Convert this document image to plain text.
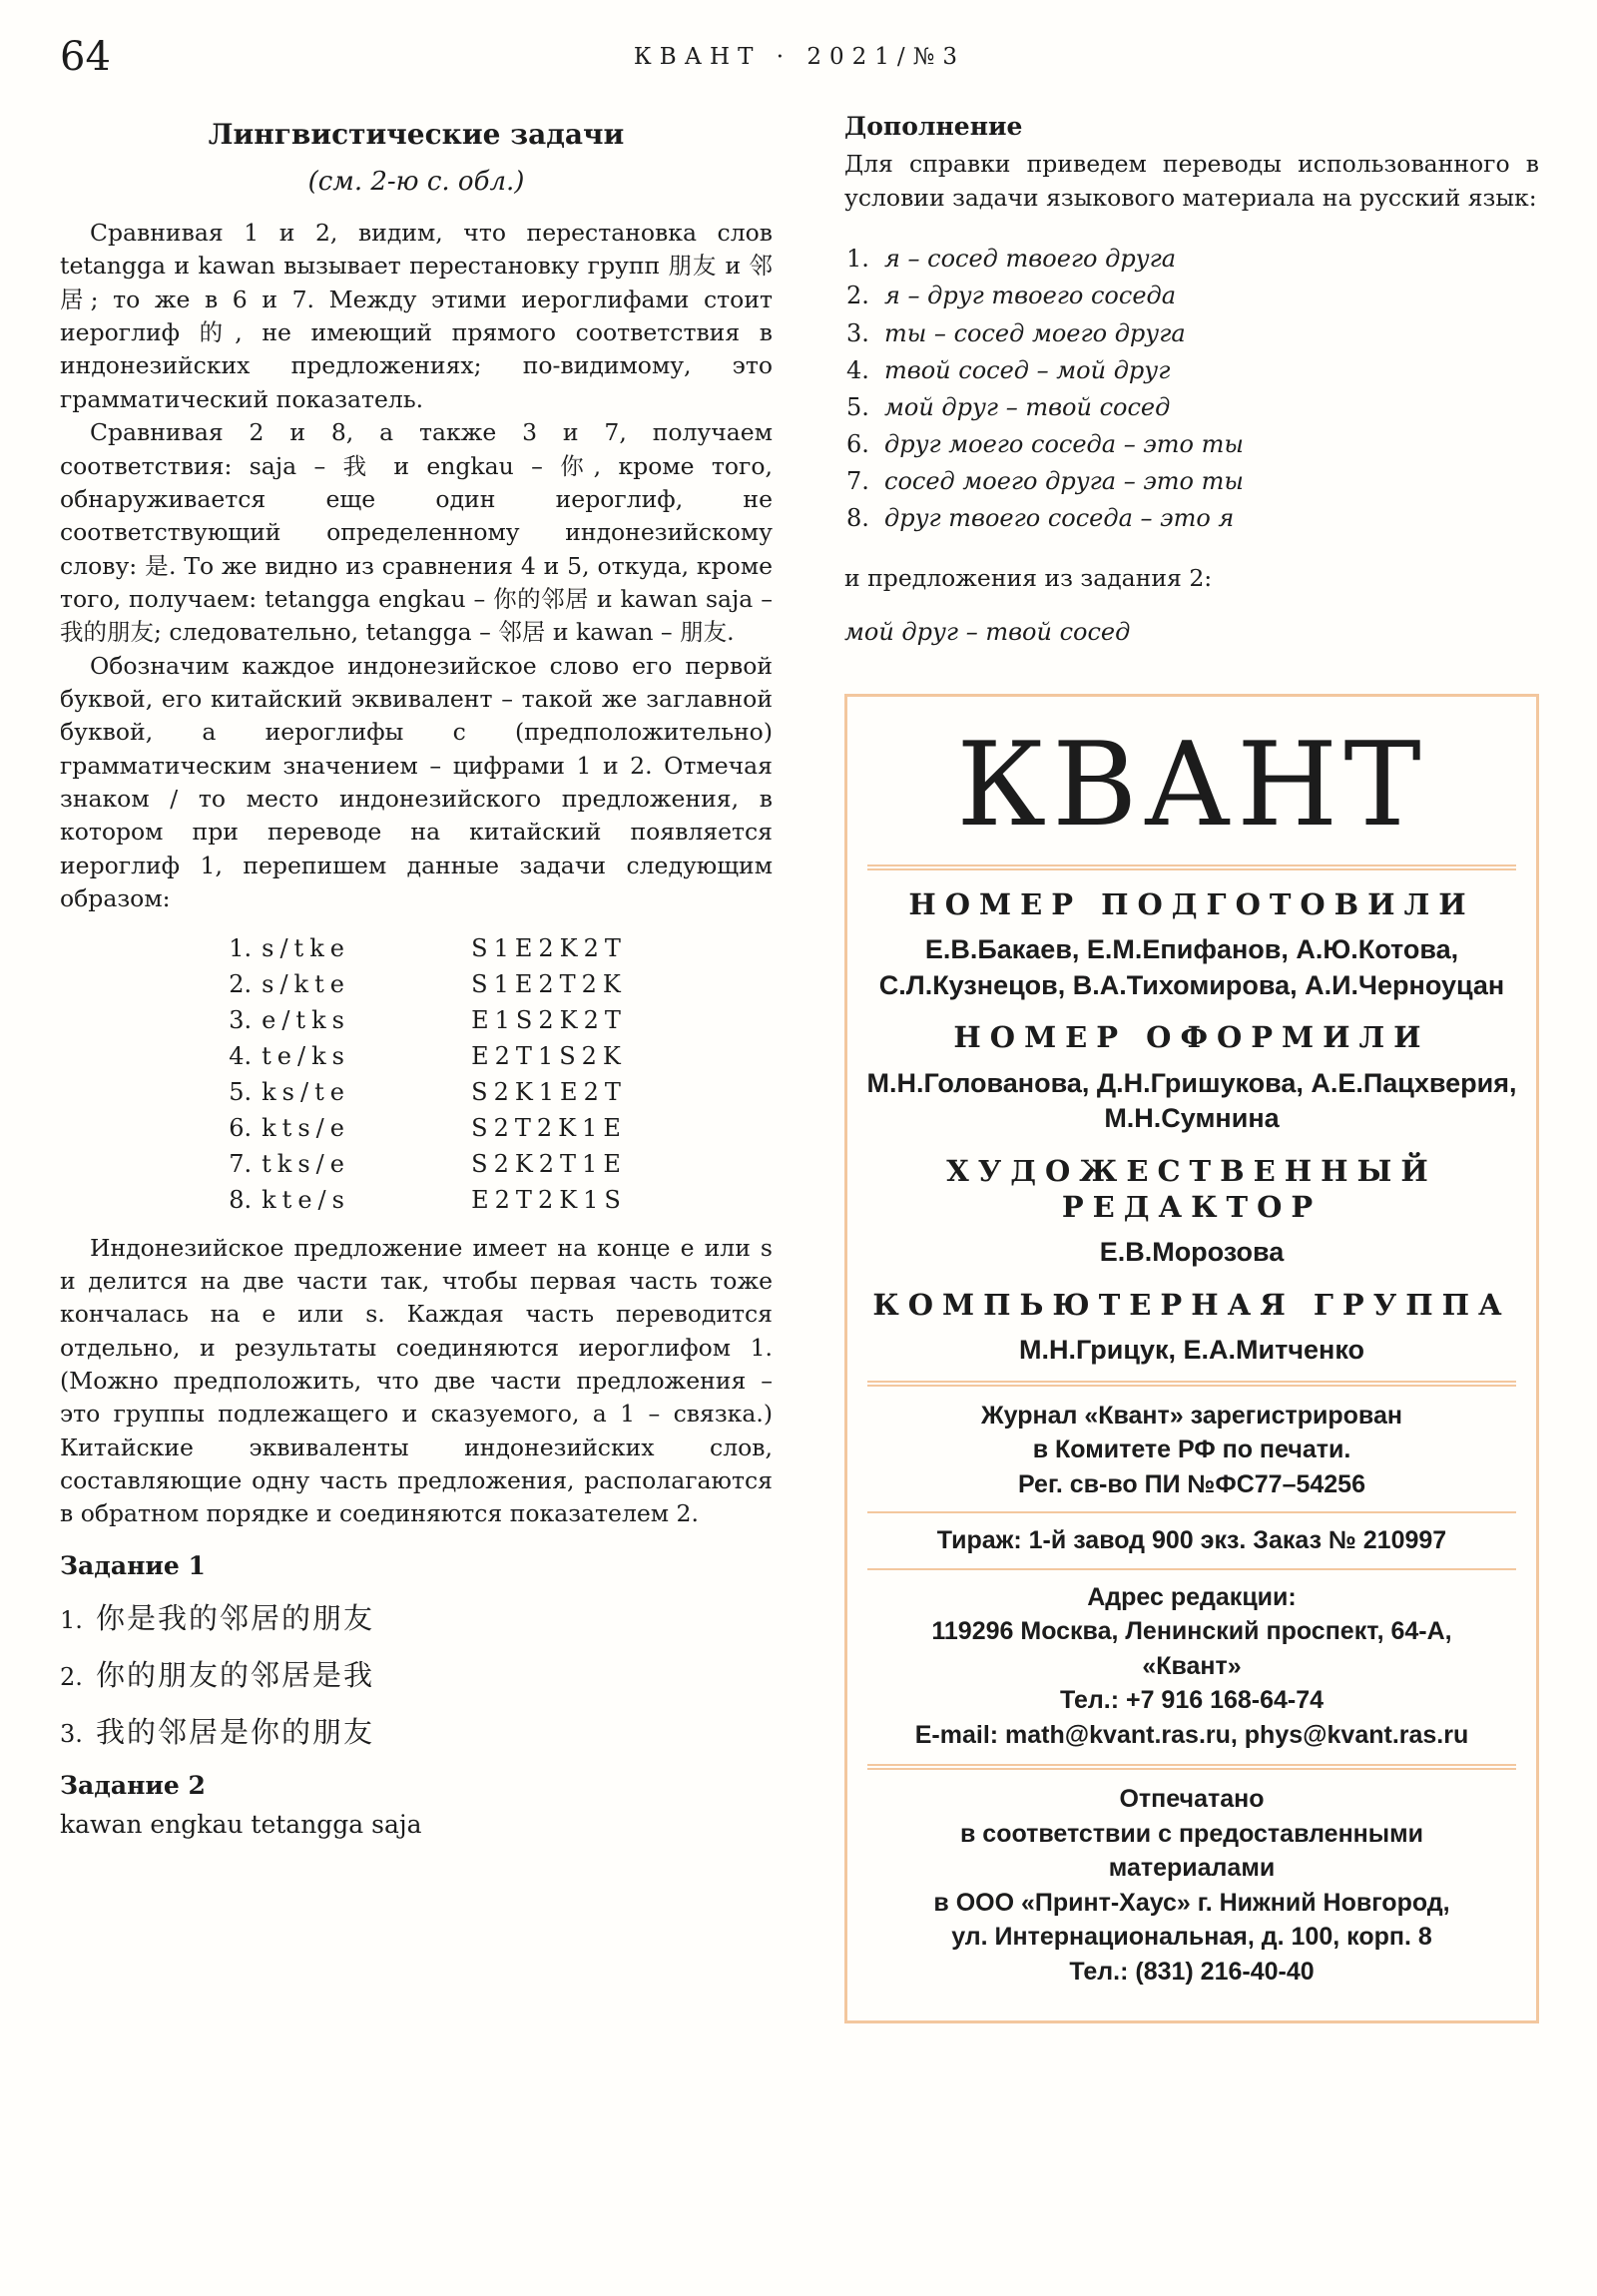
64	КВАНТ · 2021/№3
Лингвистические задачи
(см. 2-ю с. обл.)

Сравнивая 1 и 2, видим, что перестановка слов tetangga и kawan вызывает перестановку групп 朋友 и 邻居; то же в 6 и 7. Между этими иероглифами стоит иероглиф 的, не имеющий прямого соответствия в индонезийских предложениях; по-видимому, это грамматический показатель.

Сравнивая 2 и 8, а также 3 и 7, получаем соответствия: saja – 我 и engkau – 你, кроме того, обнаруживается еще один иероглиф, не соответствующий определенному индонезийскому слову: 是. То же видно из сравнения 4 и 5, откуда, кроме того, получаем: tetangga engkau – 你的邻居 и kawan saja – 我的朋友; следовательно, tetangga – 邻居 и kawan – 朋友.

Обозначим каждое индонезийское слово его первой буквой, его китайский эквивалент – такой же заглавной буквой, а иероглифы с (предположительно) грамматическим значением – цифрами 1 и 2. Отмечая знаком / то место индонезийского предложения, в котором при переводе на китайский появляется иероглиф 1, перепишем данные задачи следующим образом:

1. s/tke	S1E2K2T
2. s/kte	S1E2T2K
3. e/tks	E1S2K2T
4. te/ks	E2T1S2K
5. ks/te	S2K1E2T
6. kts/e	S2T2K1E
7. tks/e	S2K2T1E
8. kte/s	E2T2K1S

Индонезийское предложение имеет на конце e или s и делится на две части так, чтобы первая часть тоже кончалась на e или s. Каждая часть переводится отдельно, и результаты соединяются иероглифом 1. (Можно предположить, что две части предложения – это группы подлежащего и сказуемого, а 1 – связка.) Китайские эквиваленты индонезийских слов, составляющие одну часть предложения, располагаются в обратном порядке и соединяются показателем 2.

Задание 1
1. 你是我的邻居的朋友
2. 你的朋友的邻居是我
3. 我的邻居是你的朋友
Задание 2
kawan engkau tetangga saja
Дополнение

Для справки приведем переводы использованного в условии задачи языкового материала на русский язык:

1. я – сосед твоего друга
2. я – друг твоего соседа
3. ты – сосед моего друга
4. твой сосед – мой друг
5. мой друг – твой сосед
6. друг моего соседа – это ты
7. сосед моего друга – это ты
8. друг твоего соседа – это я
и предложения из задания 2:
мой друг – твой сосед
КВАНТ
НОМЕР ПОДГОТОВИЛИ
Е.В.Бакаев, Е.М.Епифанов, А.Ю.Котова, С.Л.Кузнецов, В.А.Тихомирова, А.И.Черноуцан
НОМЕР ОФОРМИЛИ
М.Н.Голованова, Д.Н.Гришукова, А.Е.Пацхверия, М.Н.Сумнина
ХУДОЖЕСТВЕННЫЙ РЕДАКТОР
Е.В.Морозова
КОМПЬЮТЕРНАЯ ГРУППА
М.Н.Грицук, Е.А.Митченко
Журнал «Квант» зарегистрирован
в Комитете РФ по печати.
Рег. св-во ПИ №ФС77–54256
Тираж: 1-й завод 900 экз. Заказ № 210997
Адрес редакции:
119296 Москва, Ленинский проспект, 64-А,
«Квант»
Тел.: +7 916 168-64-74
E-mail: math@kvant.ras.ru, phys@kvant.ras.ru
Отпечатано
в соответствии с предоставленными
материалами
в ООО «Принт-Хаус» г. Нижний Новгород,
ул. Интернациональная, д. 100, корп. 8
Тел.: (831) 216-40-40
